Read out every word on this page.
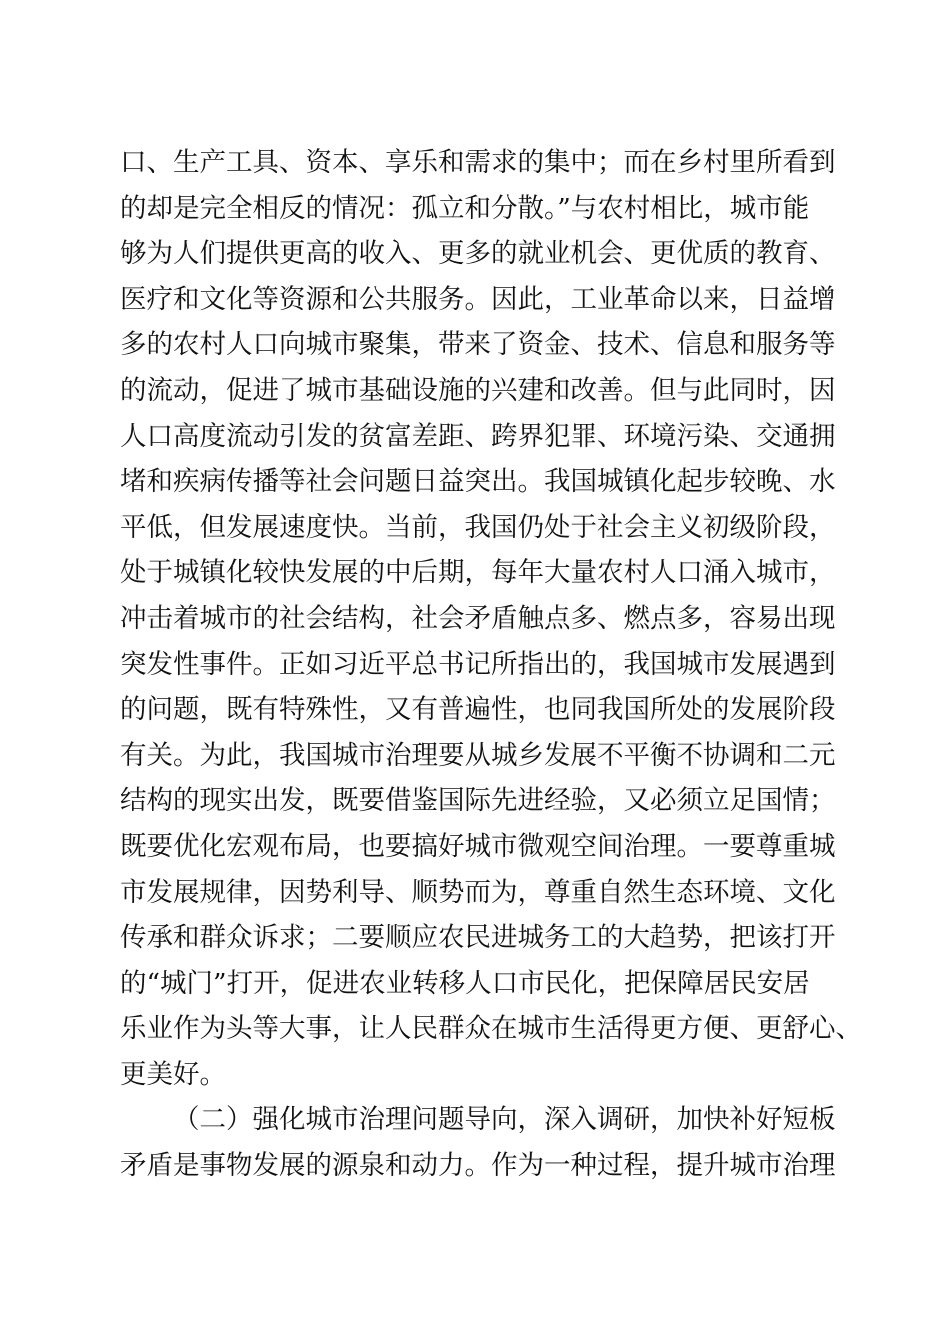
口、生产工具、资本、享乐和需求的集中；而在乡村里所看到
的却是完全相反的情况：孤立和分散。”与农村相比，城市能
够为人们提供更高的收入、更多的就业机会、更优质的教育、
医疗和文化等资源和公共服务。因此，工业革命以来，日益增
多的农村人口向城市聚集，带来了资金、技术、信息和服务等
的流动，促进了城市基础设施的兴建和改善。但与此同时，因
人口高度流动引发的贫富差距、跨界犯罪、环境污染、交通拥
堵和疾病传播等社会问题日益突出。我国城镇化起步较晚、水
平低，但发展速度快。当前，我国仍处于社会主义初级阶段，
处于城镇化较快发展的中后期，每年大量农村人口涌入城市，
冲击着城市的社会结构，社会矛盾触点多、燃点多，容易出现
突发性事件。正如习近平总书记所指出的，我国城市发展遇到
的问题，既有特殊性，又有普遍性，也同我国所处的发展阶段
有关。为此，我国城市治理要从城乡发展不平衡不协调和二元
结构的现实出发，既要借鉴国际先进经验，又必须立足国情；
既要优化宏观布局，也要搞好城市微观空间治理。一要尊重城
市发展规律，因势利导、顺势而为，尊重自然生态环境、文化
传承和群众诉求；二要顺应农民进城务工的大趋势，把该打开
的“城门”打开，促进农业转移人口市民化，把保障居民安居
乐业作为头等大事，让人民群众在城市生活得更方便、更舒心、
更美好。
（二）强化城市治理问题导向，深入调研，加快补好短板
矛盾是事物发展的源泉和动力。作为一种过程，提升城市治理
